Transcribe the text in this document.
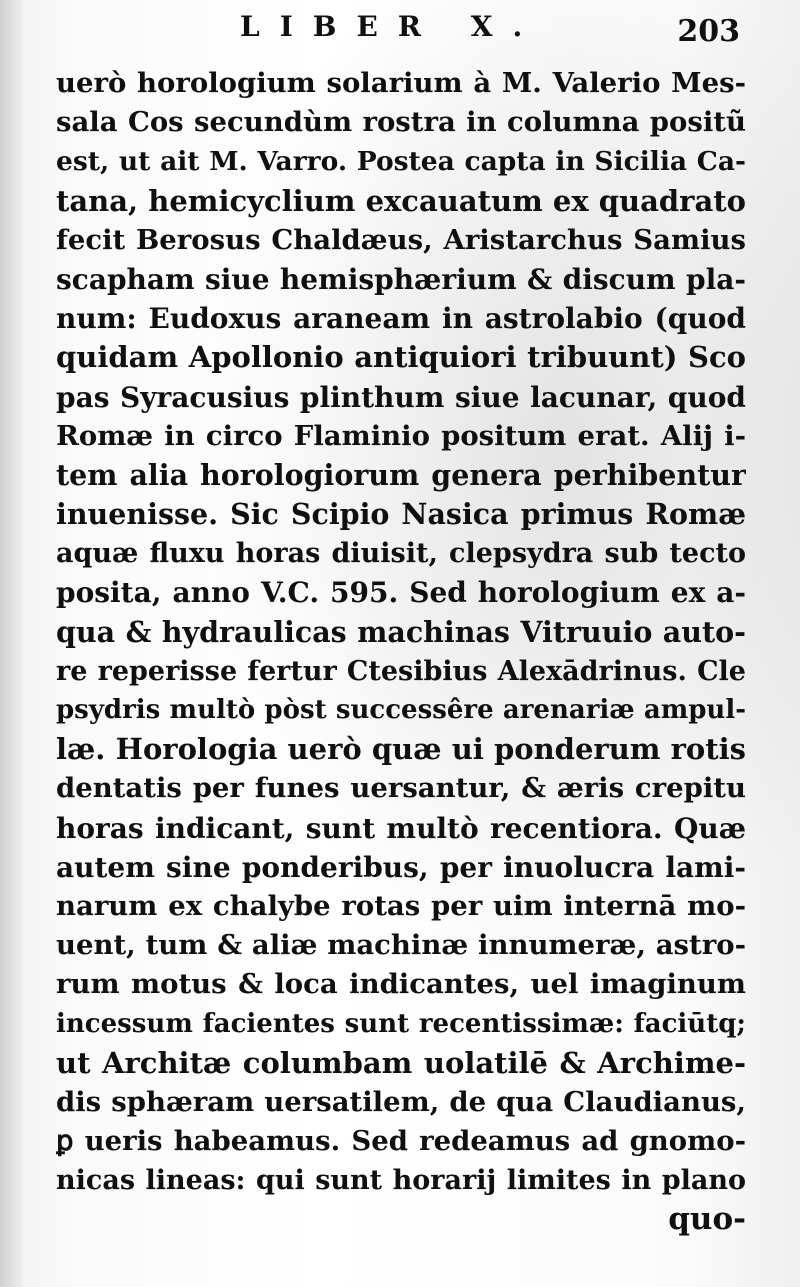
LIBER X.	203
uerò horologium solarium à M. Valerio Mes-
sala Cos secundùm rostra in columna positũ
est, ut ait M. Varro. Postea capta in Sicilia Ca-
tana, hemicyclium excauatum ex quadrato
fecit Berosus Chaldæus, Aristarchus Samius
scapham siue hemisphærium & discum pla-
num: Eudoxus araneam in astrolabio (quod
quidam Apollonio antiquiori tribuunt) Sco
pas Syracusius plinthum siue lacunar, quod
Romæ in circo Flaminio positum erat. Alij i-
tem alia horologiorum genera perhibentur
inuenisse. Sic Scipio Nasica primus Romæ
aquæ fluxu horas diuisit, clepsydra sub tecto
posita, anno V.C. 595. Sed horologium ex a-
qua & hydraulicas machinas Vitruuio auto-
re reperisse fertur Ctesibius Alexādrinus. Cle
psydris multò pòst successêre arenariæ ampul-
læ. Horologia uerò quæ ui ponderum rotis
dentatis per funes uersantur, & æris crepitu
horas indicant, sunt multò recentiora. Quæ
autem sine ponderibus, per inuolucra lami-
narum ex chalybe rotas per uim internā mo-
uent, tum & aliæ machinæ innumeræ, astro-
rum motus & loca indicantes, uel imaginum
incessum facientes sunt recentissimæ: faciūtq;
ut Architæ columbam uolatilē & Archime-
dis sphæram uersatilem, de qua Claudianus,
ꝑ ueris habeamus. Sed redeamus ad gnomo-
nicas lineas: qui sunt horarij limites in plano
quo-
